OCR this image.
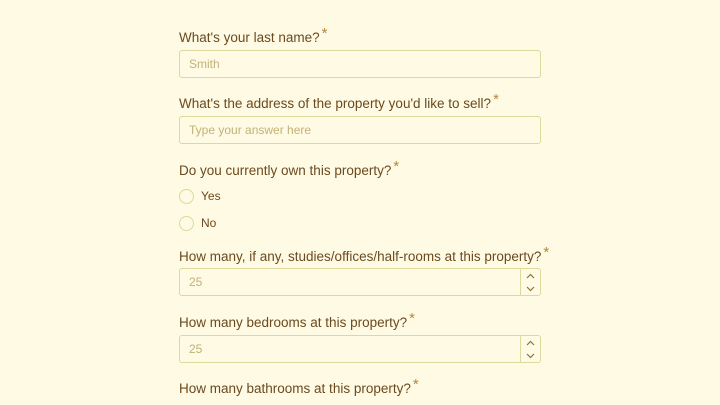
What's your last name? *
Smith
What's the address of the property you'd like to sell? *
Type your answer here
Do you currently own this property? *
Yes
No
How many, if any, studies/offices/half-rooms at this property? *
25
How many bedrooms at this property? *
25
How many bathrooms at this property? *
